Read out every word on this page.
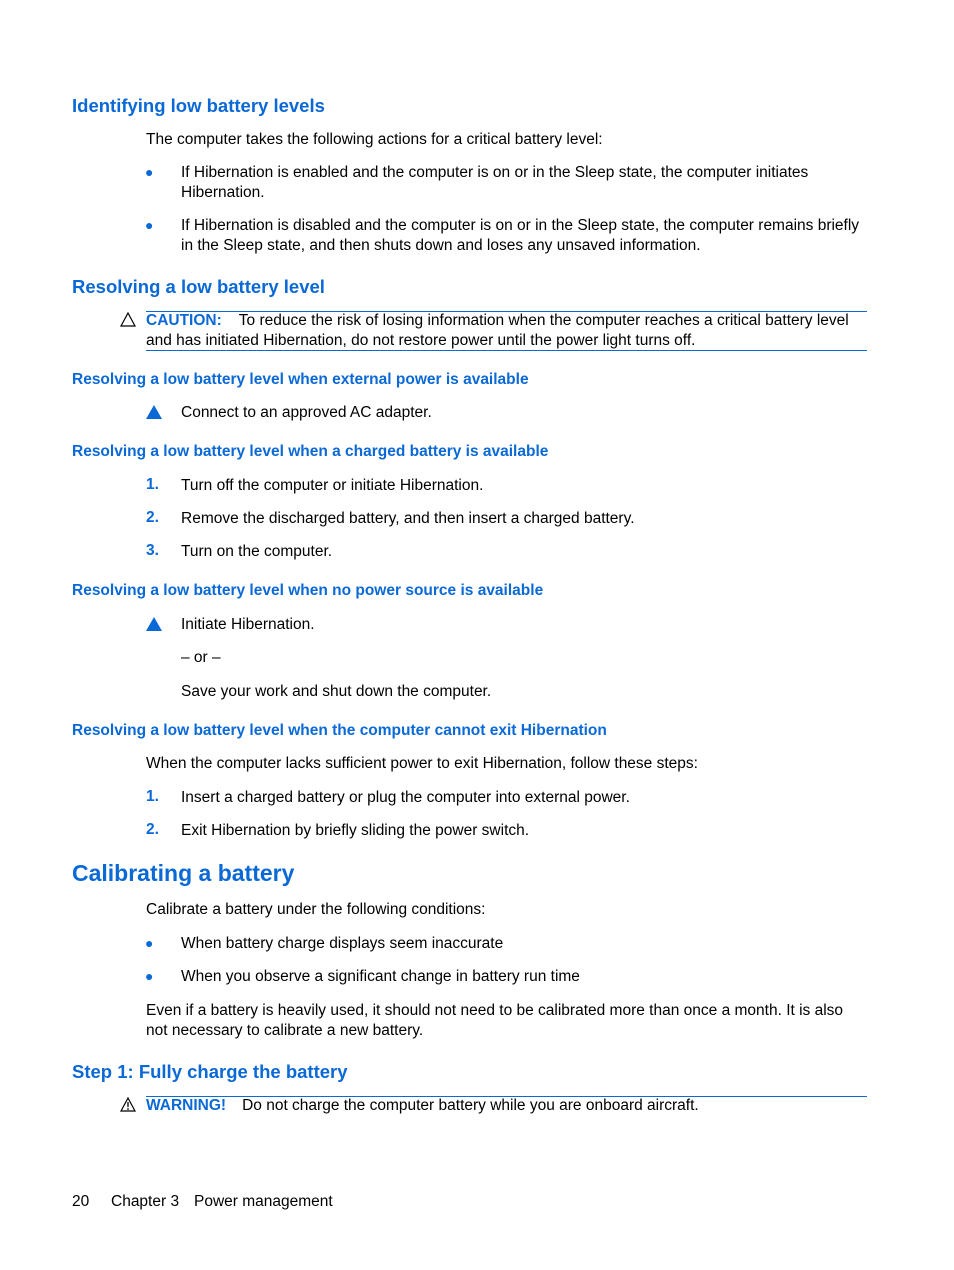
Identifying low battery levels
The computer takes the following actions for a critical battery level:
● If Hibernation is enabled and the computer is on or in the Sleep state, the computer initiates
Hibernation.
● If Hibernation is disabled and the computer is on or in the Sleep state, the computer remains briefly
in the Sleep state, and then shuts down and loses any unsaved information.
Resolving a low battery level
CAUTION: To reduce the risk of losing information when the computer reaches a critical battery level
and has initiated Hibernation, do not restore power until the power light turns off.
Resolving a low battery level when external power is available
Connect to an approved AC adapter.
Resolving a low battery level when a charged battery is available
1. Turn off the computer or initiate Hibernation.
2. Remove the discharged battery, and then insert a charged battery.
3. Turn on the computer.
Resolving a low battery level when no power source is available
Initiate Hibernation.
– or –
Save your work and shut down the computer.
Resolving a low battery level when the computer cannot exit Hibernation
When the computer lacks sufficient power to exit Hibernation, follow these steps:
1. Insert a charged battery or plug the computer into external power.
2. Exit Hibernation by briefly sliding the power switch.
Calibrating a battery
Calibrate a battery under the following conditions:
● When battery charge displays seem inaccurate
● When you observe a significant change in battery run time
Even if a battery is heavily used, it should not need to be calibrated more than once a month. It is also
not necessary to calibrate a new battery.
Step 1: Fully charge the battery
WARNING! Do not charge the computer battery while you are onboard aircraft.
20 Chapter 3 Power management
